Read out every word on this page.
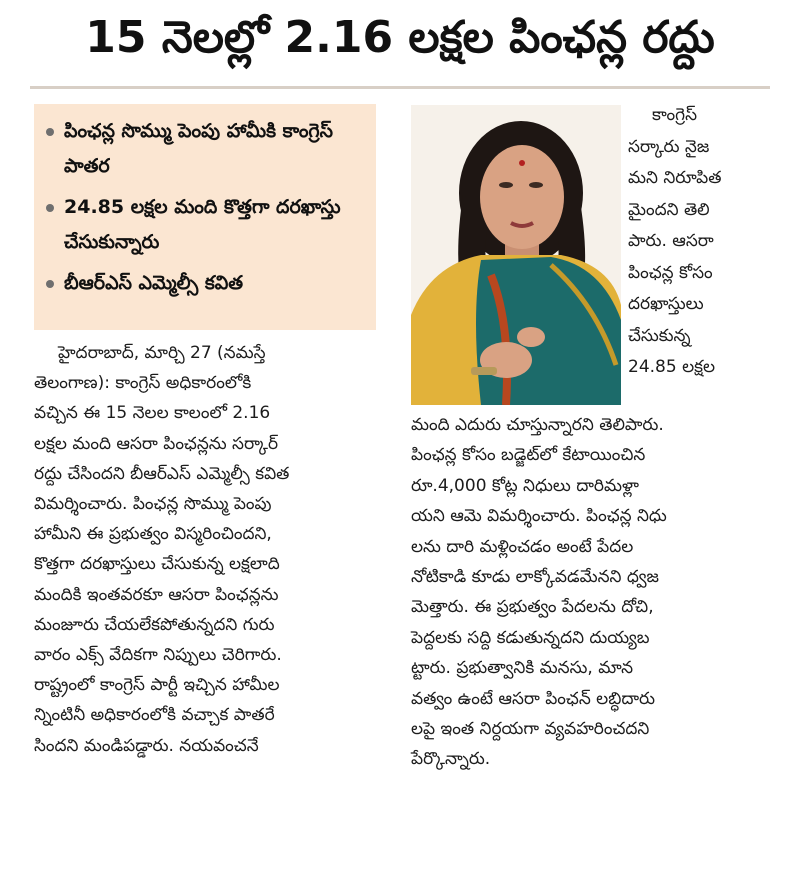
15 నెలల్లో 2.16 లక్షల పింఛన్ల రద్దు
పింఛన్ల సొమ్ము పెంపు హామీకి కాంగ్రెస్ పాతర
24.85 లక్షల మంది కొత్తగా దరఖాస్తు చేసుకున్నారు
బీఆర్ఎస్ ఎమ్మెల్సీ కవిత

కాంగ్రెస్

సర్కారు నైజ

మని నిరూపిత

మైందని తెలి

పారు. ఆసరా

పింఛన్ల కోసం

దరఖాస్తులు

చేసుకున్న

24.85 లక్షల

హైదరాబాద్, మార్చి 27 (నమస్తే

తెలంగాణ): కాంగ్రెస్ అధికారంలోకి

వచ్చిన ఈ 15 నెలల కాలంలో 2.16

లక్షల మంది ఆసరా పింఛన్లను సర్కార్

రద్దు చేసిందని బీఆర్ఎస్ ఎమ్మెల్సీ కవిత

విమర్శించారు. పింఛన్ల సొమ్ము పెంపు

హామీని ఈ ప్రభుత్వం విస్మరించిందని,

కొత్తగా దరఖాస్తులు చేసుకున్న లక్షలాది

మందికి ఇంతవరకూ ఆసరా పింఛన్లను

మంజూరు చేయలేకపోతున్నదని గురు

వారం ఎక్స్ వేదికగా నిప్పులు చెరిగారు.

రాష్ట్రంలో కాంగ్రెస్ పార్టీ ఇచ్చిన హామీల

న్నింటినీ అధికారంలోకి వచ్చాక పాతరే

సిందని మండిపడ్డారు. నయవంచనే

మంది ఎదురు చూస్తున్నారని తెలిపారు.

పింఛన్ల కోసం బడ్జెట్‌లో కేటాయించిన

రూ.4,000 కోట్ల నిధులు దారిమళ్లా

యని ఆమె విమర్శించారు. పింఛన్ల నిధు

లను దారి మళ్లించడం అంటే పేదల

నోటికాడి కూడు లాక్కోవడమేనని ధ్వజ

మెత్తారు. ఈ ప్రభుత్వం పేదలను దోచి,

పెద్దలకు సద్ది కడుతున్నదని దుయ్యబ

ట్టారు. ప్రభుత్వానికి మనసు, మాన

వత్వం ఉంటే ఆసరా పింఛన్ లబ్ధిదారు

లపై ఇంత నిర్దయగా వ్యవహరించదని

పేర్కొన్నారు.
